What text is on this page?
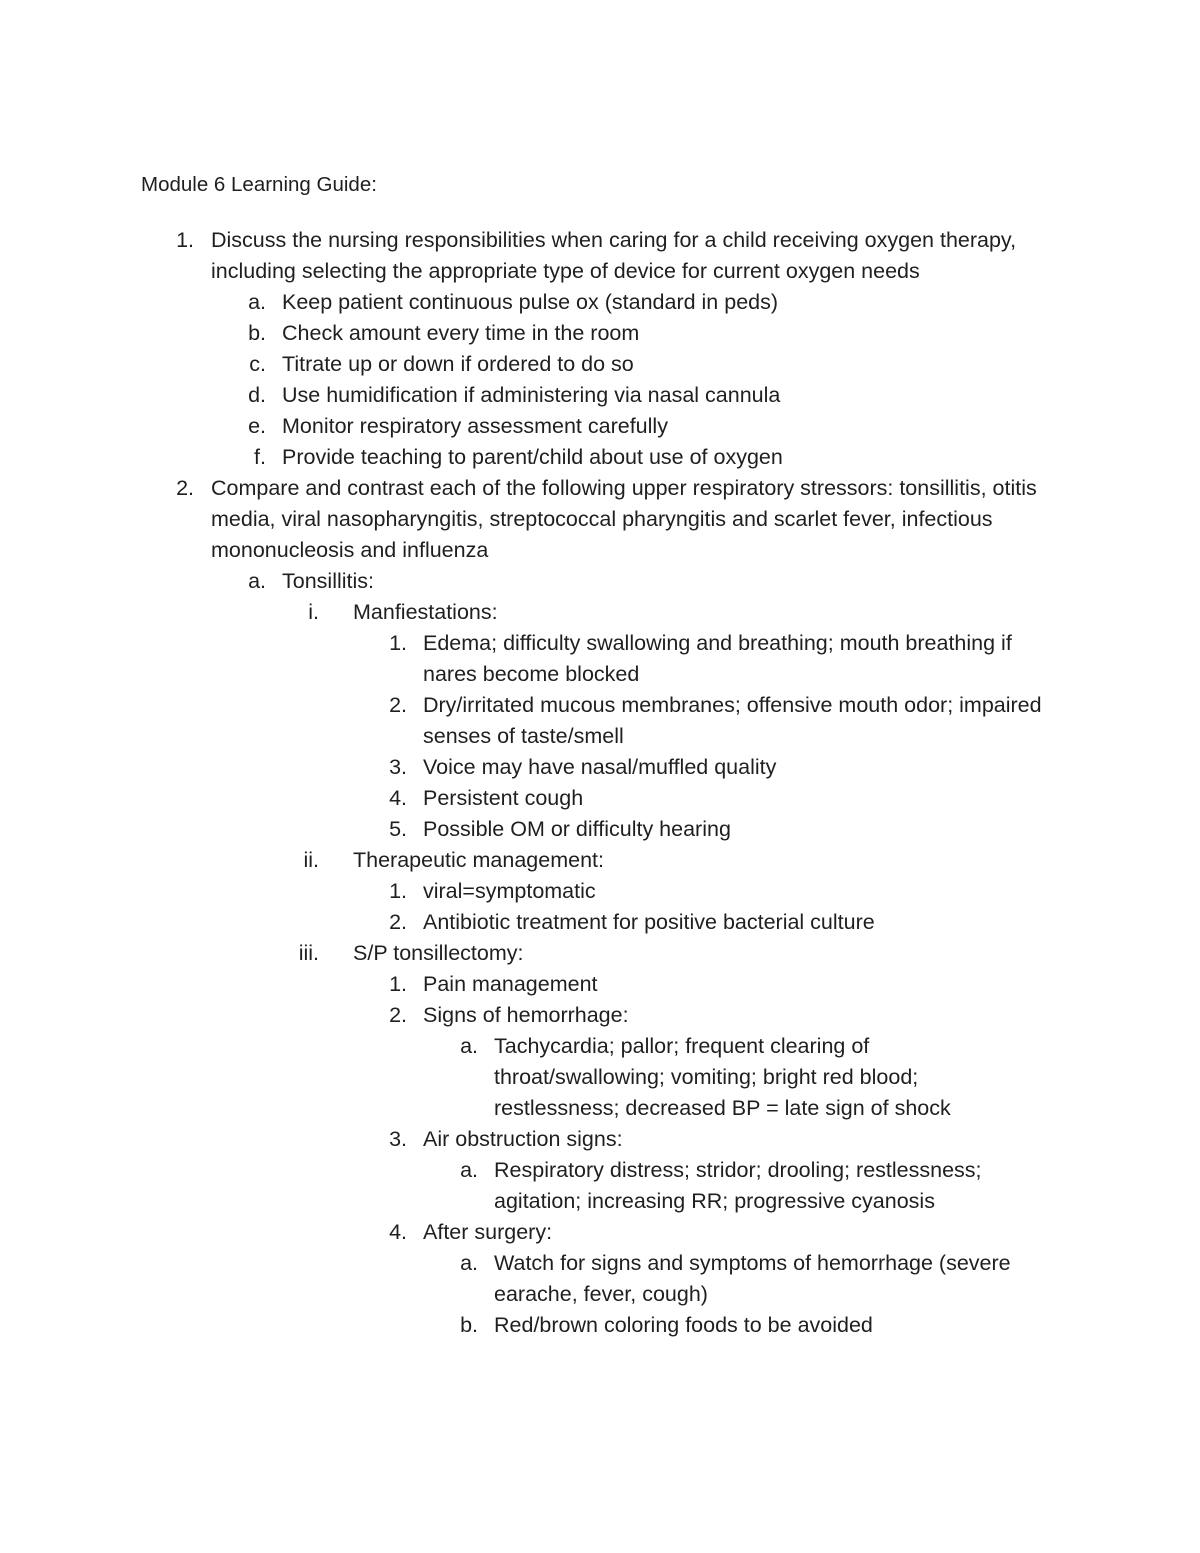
Module 6 Learning Guide:
1. Discuss the nursing responsibilities when caring for a child receiving oxygen therapy, including selecting the appropriate type of device for current oxygen needs
a. Keep patient continuous pulse ox (standard in peds)
b. Check amount every time in the room
c. Titrate up or down if ordered to do so
d. Use humidification if administering via nasal cannula
e. Monitor respiratory assessment carefully
f. Provide teaching to parent/child about use of oxygen
2. Compare and contrast each of the following upper respiratory stressors: tonsillitis, otitis media, viral nasopharyngitis, streptococcal pharyngitis and scarlet fever, infectious mononucleosis and influenza
a. Tonsillitis:
i. Manfiestations:
1. Edema; difficulty swallowing and breathing; mouth breathing if nares become blocked
2. Dry/irritated mucous membranes; offensive mouth odor; impaired senses of taste/smell
3. Voice may have nasal/muffled quality
4. Persistent cough
5. Possible OM or difficulty hearing
ii. Therapeutic management:
1. viral=symptomatic
2. Antibiotic treatment for positive bacterial culture
iii. S/P tonsillectomy:
1. Pain management
2. Signs of hemorrhage:
a. Tachycardia; pallor; frequent clearing of throat/swallowing; vomiting; bright red blood; restlessness; decreased BP = late sign of shock
3. Air obstruction signs:
a. Respiratory distress; stridor; drooling; restlessness; agitation; increasing RR; progressive cyanosis
4. After surgery:
a. Watch for signs and symptoms of hemorrhage (severe earache, fever, cough)
b. Red/brown coloring foods to be avoided
